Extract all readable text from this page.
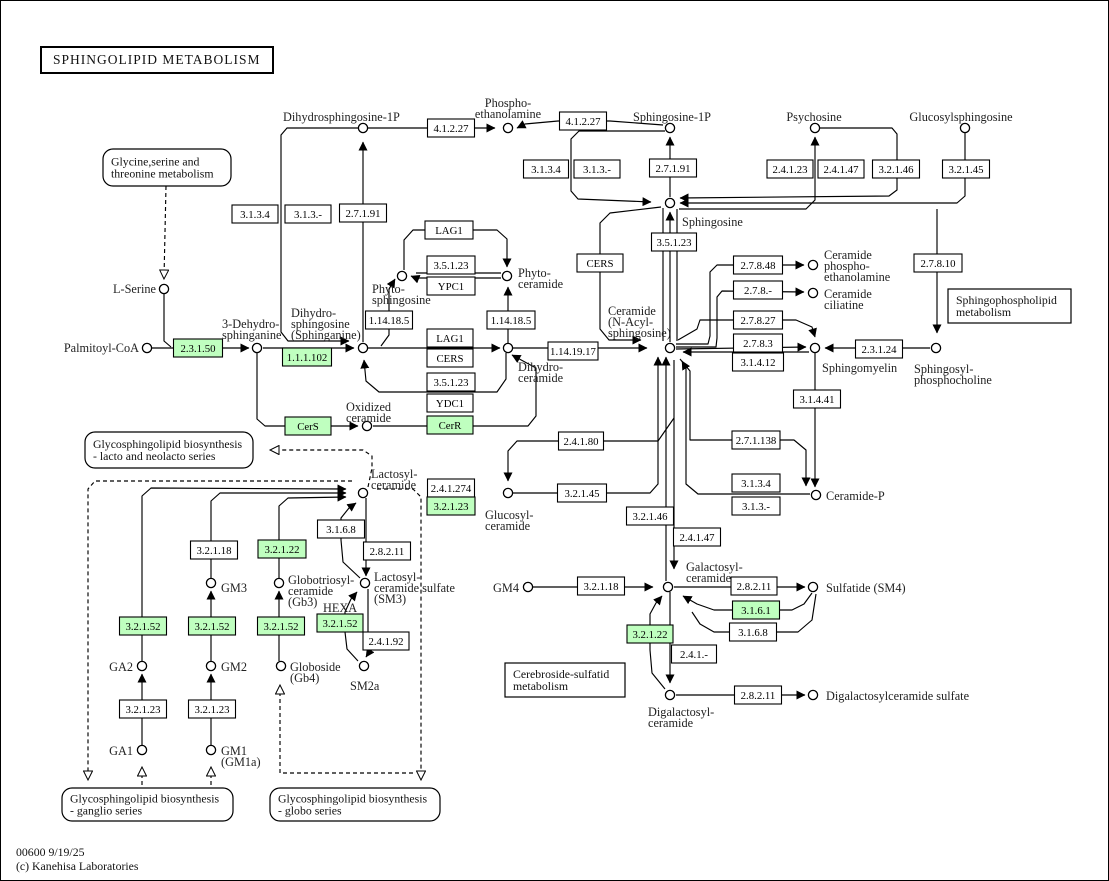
Glycine,serine and
threonine metabolism
Glycosphingolipid biosynthesis
- lacto and neolacto series
Glycosphingolipid biosynthesis
- ganglio series
Glycosphingolipid biosynthesis
- globo series
Sphingophospholipid
metabolism
Cerebroside-sulfatid
metabolism
4.1.2.27
4.1.2.27
3.1.3.4 3.1.3.- 2.7.1.91
3.1.3.4 3.1.3.-	2.7.1.91	2.4.1.23 2.4.1.47 3.2.1.46	3.2.1.45
LAG1
3.5.1.23
YPC1
1.14.18.5	1.14.18.5
CERS
3.5.1.23
2.3.1.50
1.1.1.102
LAG1
CERS
3.5.1.23
YDC1
CerR
CerS
1.14.19.17
2.7.8.48
2.7.8.-
2.7.8.27
2.7.8.3
3.1.4.12
2.7.8.10
2.3.1.24
3.1.4.41
2.7.1.138
3.1.3.4
3.1.3.-
2.4.1.80
2.4.1.274
3.2.1.23
3.2.1.45
3.2.1.46
2.4.1.47
3.1.6.8
2.8.2.11
3.2.1.18	3.2.1.22
3.2.1.52	3.2.1.52	3.2.1.52 3.2.1.52
2.4.1.92
3.2.1.23	3.2.1.23
3.2.1.18	2.8.2.11
3.1.6.1
3.1.6.8
3.2.1.22
2.4.1.-
2.8.2.11
Dihydrosphingosine-1P
Phospho-ethanolamine	Sphingosine-1P	Psychosine	Glucosylsphingosine
Sphingosine
Phyto-sphingosine
Phyto-ceramide
L-Serine
Palmitoyl-CoA
3-Dehydro-sphinganine
Dihydro-sphingosine (Sphinganine)
Oxidized ceramide
Dihydro-ceramide
Ceramide (N-Acyl-sphingosine)
Ceramide phospho-ethanolamine
Ceramide ciliatine
Sphingomyelin Sphingosyl-phosphocholine
Ceramide-P
Lactosyl-ceramide
Glucosyl-ceramide
GM3
Globotriosyl-ceramide (Gb3)
Lactosyl-ceramide sulfate (SM3)
HEXA
GA2	GM2	Globoside (Gb4)
SM2a
GA1	GM1 (GM1a)
GM4
Galactosyl-ceramide
Sulfatide (SM4)
Digalactosyl-ceramide
Digalactosylceramide sulfate
SPHINGOLIPID METABOLISM
00600 9/19/25
(c) Kanehisa Laboratories
